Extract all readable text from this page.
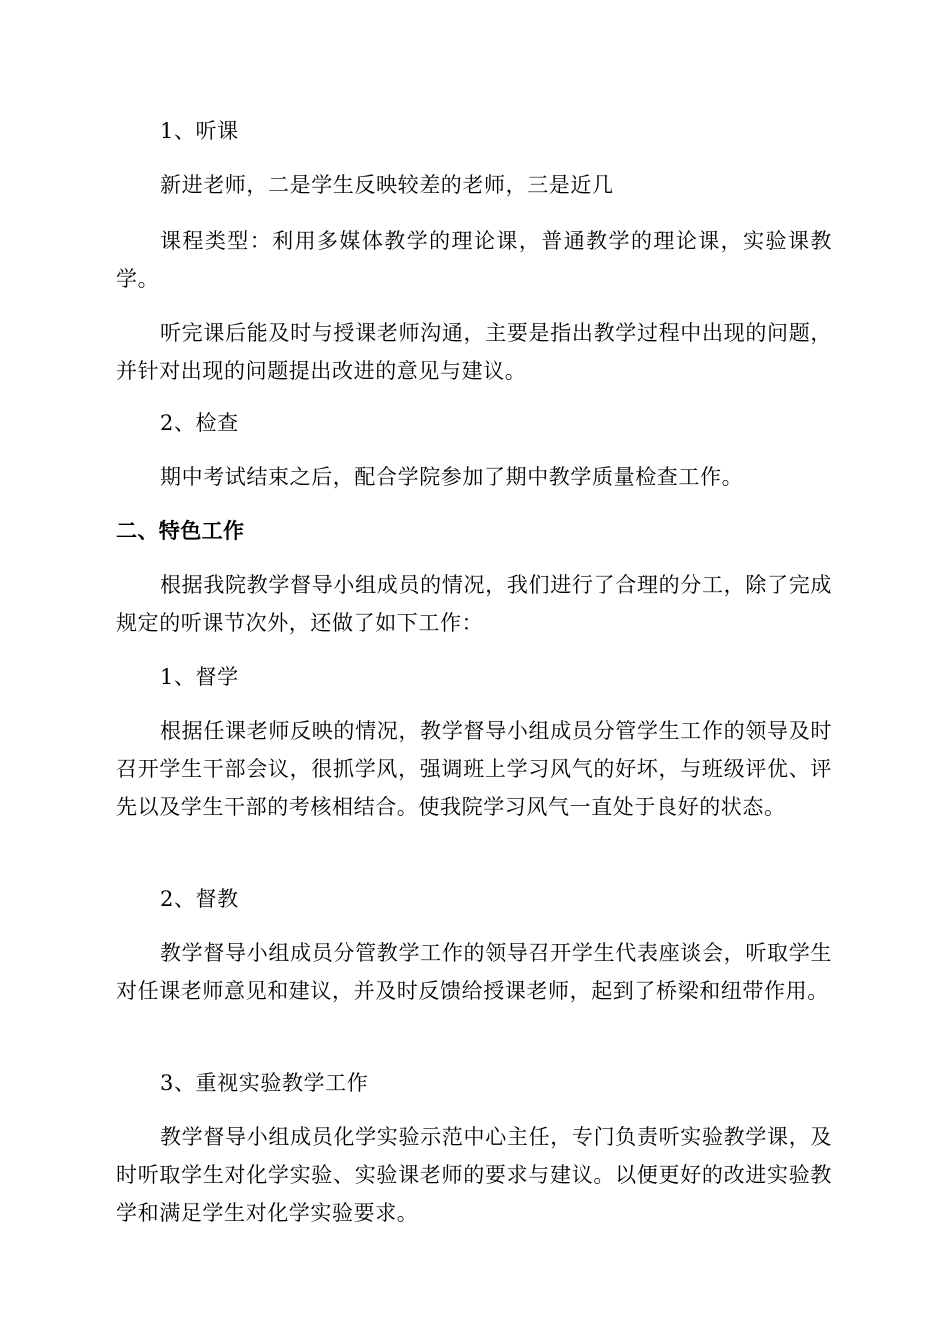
1、听课

新进老师，二是学生反映较差的老师，三是近几

课程类型：利用多媒体教学的理论课，普通教学的理论课，实验课教学。

听完课后能及时与授课老师沟通，主要是指出教学过程中出现的问题，并针对出现的问题提出改进的意见与建议。

2、检查

期中考试结束之后，配合学院参加了期中教学质量检查工作。

二、特色工作

根据我院教学督导小组成员的情况，我们进行了合理的分工，除了完成规定的听课节次外，还做了如下工作：

1、督学

根据任课老师反映的情况，教学督导小组成员分管学生工作的领导及时召开学生干部会议，很抓学风，强调班上学习风气的好坏，与班级评优、评先以及学生干部的考核相结合。使我院学习风气一直处于良好的状态。

2、督教

教学督导小组成员分管教学工作的领导召开学生代表座谈会，听取学生对任课老师意见和建议，并及时反馈给授课老师，起到了桥梁和纽带作用。

3、重视实验教学工作

教学督导小组成员化学实验示范中心主任，专门负责听实验教学课，及时听取学生对化学实验、实验课老师的要求与建议。以便更好的改进实验教学和满足学生对化学实验要求。
